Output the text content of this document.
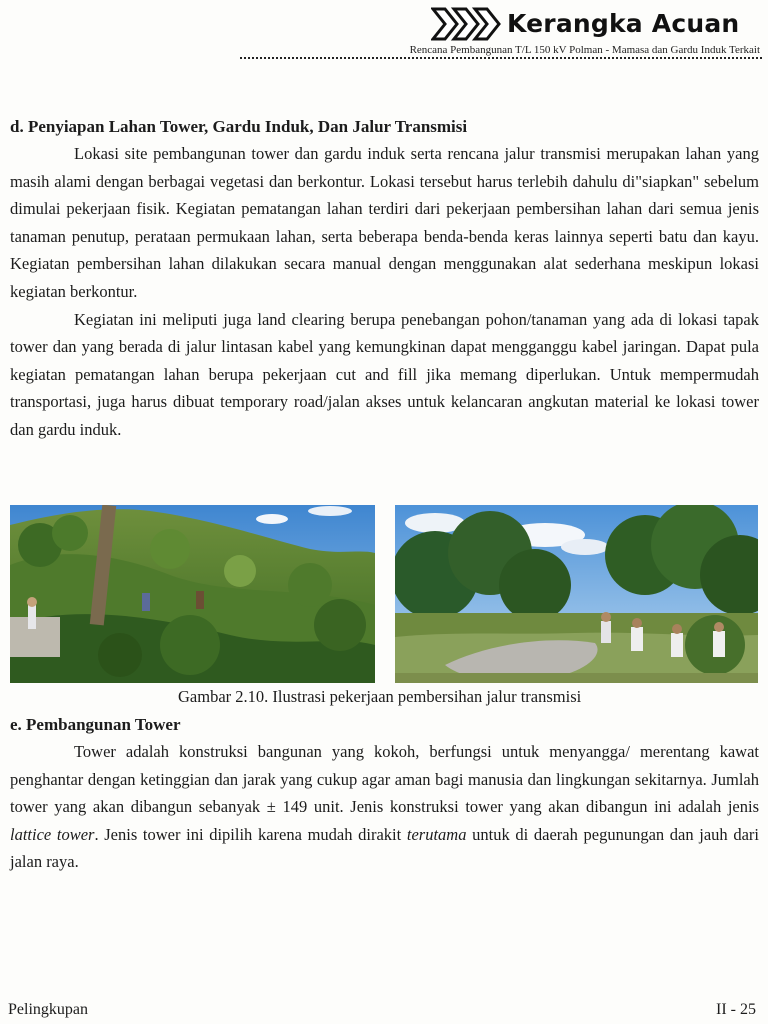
Kerangka Acuan
Rencana Pembangunan T/L 150 kV Polman - Mamasa dan Gardu Induk Terkait
d. Penyiapan Lahan Tower, Gardu Induk, Dan Jalur Transmisi

Lokasi site pembangunan tower dan gardu induk serta rencana jalur transmisi merupakan lahan yang masih alami dengan berbagai vegetasi dan berkontur. Lokasi tersebut harus terlebih dahulu di"siapkan" sebelum dimulai pekerjaan fisik. Kegiatan pematangan lahan terdiri dari pekerjaan pembersihan lahan dari semua jenis tanaman penutup, perataan permukaan lahan, serta beberapa benda-benda keras lainnya seperti batu dan kayu. Kegiatan pembersihan lahan dilakukan secara manual dengan menggunakan alat sederhana meskipun lokasi kegiatan berkontur.

Kegiatan ini meliputi juga land clearing berupa penebangan pohon/tanaman yang ada di lokasi tapak tower dan yang berada di jalur lintasan kabel yang kemungkinan dapat mengganggu kabel jaringan. Dapat pula kegiatan pematangan lahan berupa pekerjaan cut and fill jika memang diperlukan. Untuk mempermudah transportasi, juga harus dibuat temporary road/jalan akses untuk kelancaran angkutan material ke lokasi tower dan gardu induk.

Gambar 2.10. Ilustrasi pekerjaan pembersihan jalur transmisi
e. Pembangunan Tower

Tower adalah konstruksi bangunan yang kokoh, berfungsi untuk menyangga/ merentang kawat penghantar dengan ketinggian dan jarak yang cukup agar aman bagi manusia dan lingkungan sekitarnya. Jumlah tower yang akan dibangun sebanyak ± 149 unit. Jenis konstruksi tower yang akan dibangun ini adalah jenis lattice tower. Jenis tower ini dipilih karena mudah dirakit terutama untuk di daerah pegunungan dan jauh dari jalan raya.

Pelingkupan	II - 25
